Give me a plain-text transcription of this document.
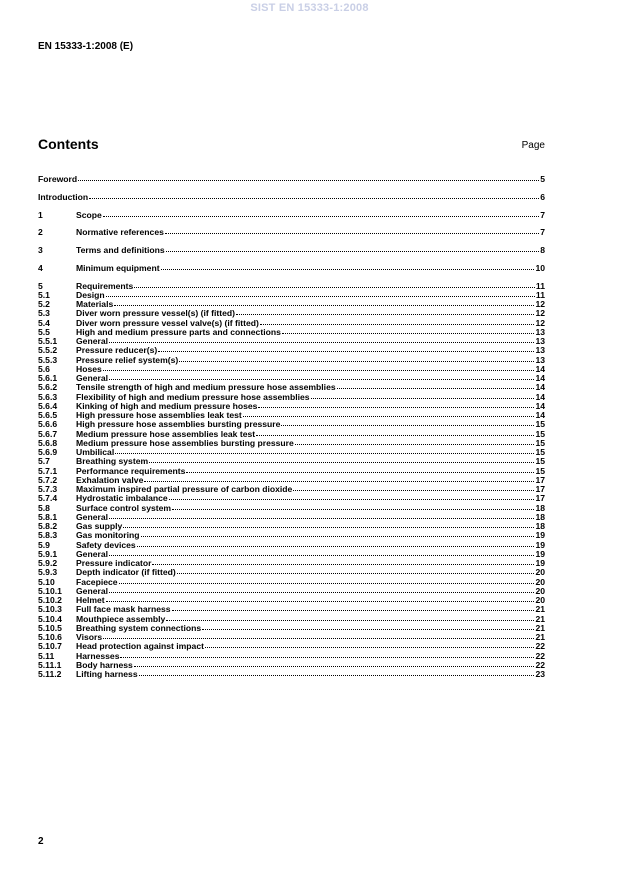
SIST EN 15333-1:2008
EN 15333-1:2008 (E)
Contents	Page
Foreword	5
Introduction	6
1	Scope	7
2	Normative references	7
3	Terms and definitions	8
4	Minimum equipment	10
5	Requirements	11
5.1	Design	11
5.2	Materials	12
5.3	Diver worn pressure vessel(s) (if fitted)	12
5.4	Diver worn pressure vessel valve(s) (if fitted)	12
5.5	High and medium pressure parts and connections	13
5.5.1	General	13
5.5.2	Pressure reducer(s)	13
5.5.3	Pressure relief system(s)	13
5.6	Hoses	14
5.6.1	General	14
5.6.2	Tensile strength of high and medium pressure hose assemblies	14
5.6.3	Flexibility of high and medium pressure hose assemblies	14
5.6.4	Kinking of high and medium pressure hoses	14
5.6.5	High pressure hose assemblies leak test	14
5.6.6	High pressure hose assemblies bursting pressure	15
5.6.7	Medium pressure hose assemblies leak test	15
5.6.8	Medium pressure hose assemblies bursting pressure	15
5.6.9	Umbilical	15
5.7	Breathing system	15
5.7.1	Performance requirements	15
5.7.2	Exhalation valve	17
5.7.3	Maximum inspired partial pressure of carbon dioxide	17
5.7.4	Hydrostatic imbalance	17
5.8	Surface control system	18
5.8.1	General	18
5.8.2	Gas supply	18
5.8.3	Gas monitoring	19
5.9	Safety devices	19
5.9.1	General	19
5.9.2	Pressure indicator	19
5.9.3	Depth indicator (if fitted)	20
5.10	Facepiece	20
5.10.1	General	20
5.10.2	Helmet	20
5.10.3	Full face mask harness	21
5.10.4	Mouthpiece assembly	21
5.10.5	Breathing system connections	21
5.10.6	Visors	21
5.10.7	Head protection against impact	22
5.11	Harnesses	22
5.11.1	Body harness	22
5.11.2	Lifting harness	23
2
